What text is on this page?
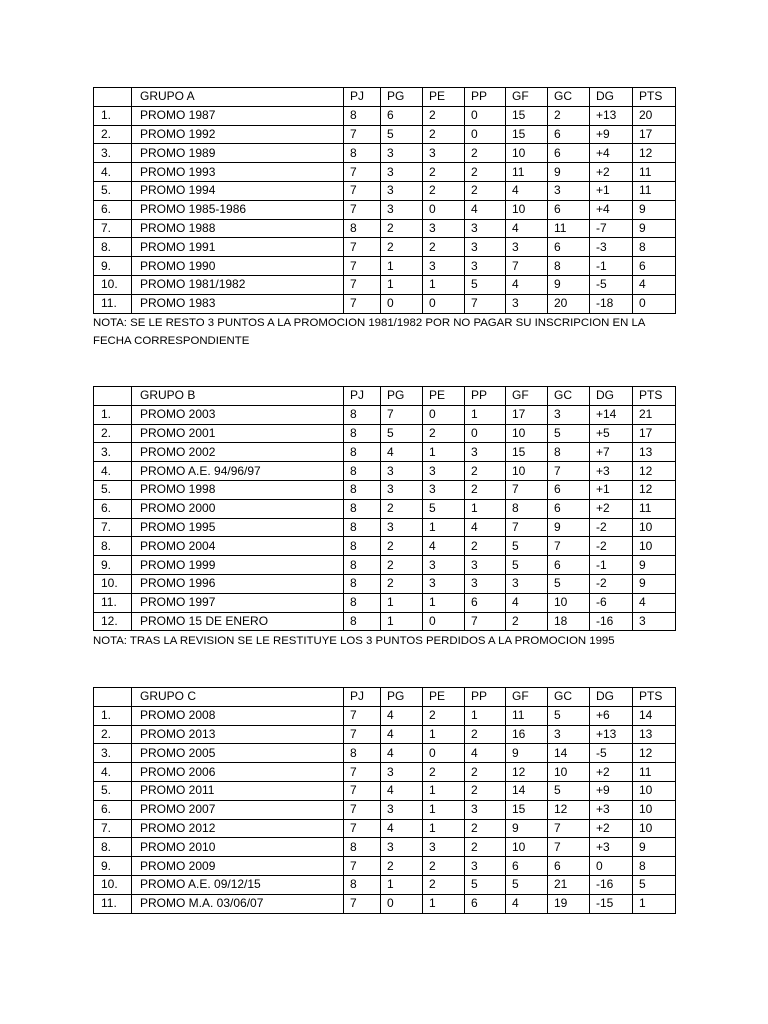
	GRUPO A	PJ	PG	PE	PP	GF	GC	DG	PTS
1.	PROMO 1987	8	6	2	0	15	2	+13	20
2.	PROMO 1992	7	5	2	0	15	6	+9	17
3.	PROMO 1989	8	3	3	2	10	6	+4	12
4.	PROMO 1993	7	3	2	2	11	9	+2	11
5.	PROMO 1994	7	3	2	2	4	3	+1	11
6.	PROMO 1985-1986	7	3	0	4	10	6	+4	9
7.	PROMO 1988	8	2	3	3	4	11	-7	9
8.	PROMO 1991	7	2	2	3	3	6	-3	8
9.	PROMO 1990	7	1	3	3	7	8	-1	6
10.	PROMO 1981/1982	7	1	1	5	4	9	-5	4
11.	PROMO 1983	7	0	0	7	3	20	-18	0

NOTA: SE LE RESTO 3 PUNTOS A LA PROMOCION 1981/1982 POR NO PAGAR SU INSCRIPCION EN LA FECHA CORRESPONDIENTE

	GRUPO B	PJ	PG	PE	PP	GF	GC	DG	PTS
1.	PROMO 2003	8	7	0	1	17	3	+14	21
2.	PROMO 2001	8	5	2	0	10	5	+5	17
3.	PROMO 2002	8	4	1	3	15	8	+7	13
4.	PROMO A.E. 94/96/97	8	3	3	2	10	7	+3	12
5.	PROMO 1998	8	3	3	2	7	6	+1	12
6.	PROMO 2000	8	2	5	1	8	6	+2	11
7.	PROMO 1995	8	3	1	4	7	9	-2	10
8.	PROMO 2004	8	2	4	2	5	7	-2	10
9.	PROMO 1999	8	2	3	3	5	6	-1	9
10.	PROMO 1996	8	2	3	3	3	5	-2	9
11.	PROMO 1997	8	1	1	6	4	10	-6	4
12.	PROMO 15 DE ENERO	8	1	0	7	2	18	-16	3

NOTA: TRAS LA REVISION SE LE RESTITUYE LOS 3 PUNTOS PERDIDOS A LA PROMOCION 1995

	GRUPO C	PJ	PG	PE	PP	GF	GC	DG	PTS
1.	PROMO 2008	7	4	2	1	11	5	+6	14
2.	PROMO 2013	7	4	1	2	16	3	+13	13
3.	PROMO 2005	8	4	0	4	9	14	-5	12
4.	PROMO 2006	7	3	2	2	12	10	+2	11
5.	PROMO 2011	7	4	1	2	14	5	+9	10
6.	PROMO 2007	7	3	1	3	15	12	+3	10
7.	PROMO 2012	7	4	1	2	9	7	+2	10
8.	PROMO 2010	8	3	3	2	10	7	+3	9
9.	PROMO 2009	7	2	2	3	6	6	0	8
10.	PROMO A.E. 09/12/15	8	1	2	5	5	21	-16	5
11.	PROMO M.A. 03/06/07	7	0	1	6	4	19	-15	1
